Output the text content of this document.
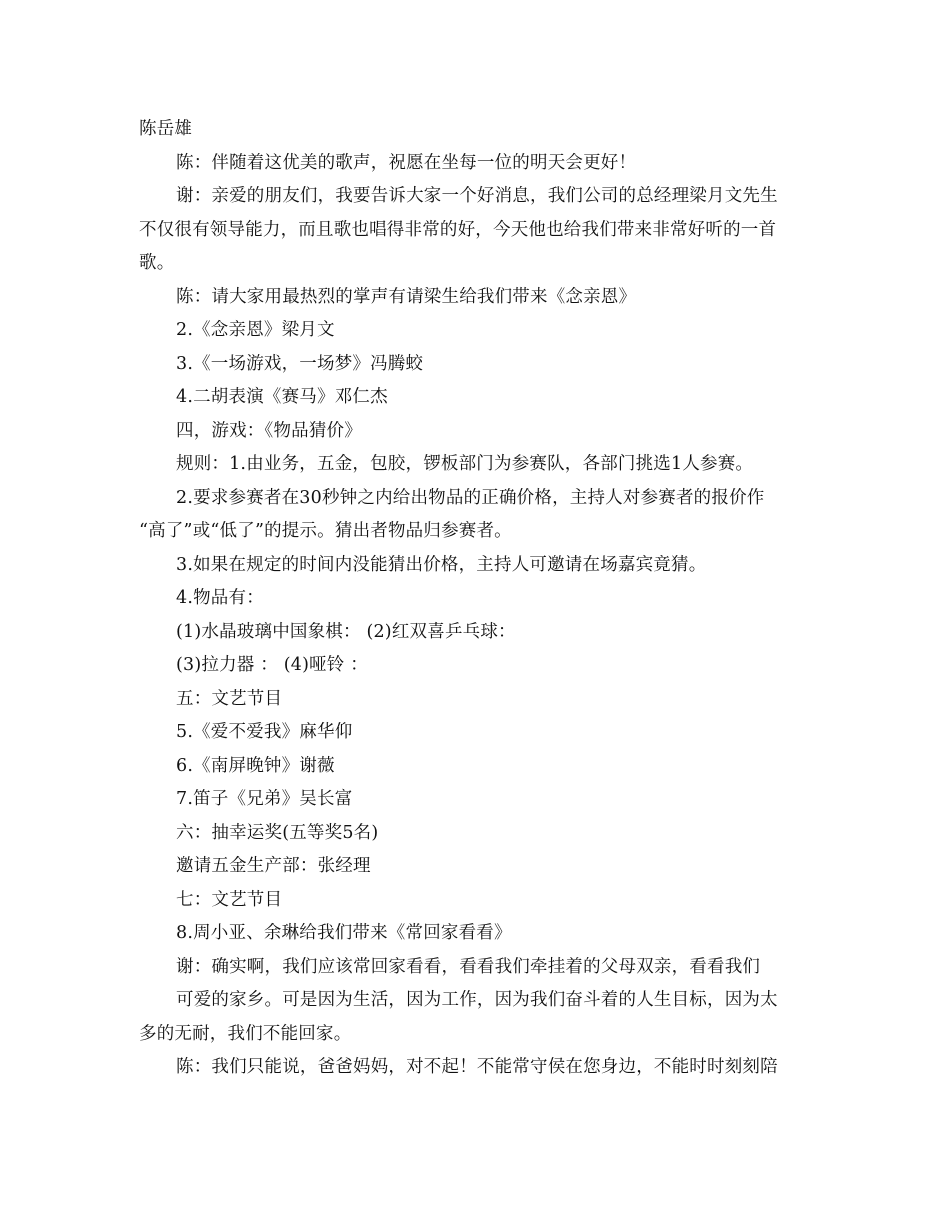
陈岳雄
陈：伴随着这优美的歌声，祝愿在坐每一位的明天会更好！
谢：亲爱的朋友们，我要告诉大家一个好消息，我们公司的总经理梁月文先生
不仅很有领导能力，而且歌也唱得非常的好，今天他也给我们带来非常好听的一首
歌。
陈：请大家用最热烈的掌声有请梁生给我们带来《念亲恩》
2.《念亲恩》梁月文
3.《一场游戏，一场梦》冯腾蛟
4.二胡表演《赛马》邓仁杰
四，游戏：《物品猜价》
规则：1.由业务，五金，包胶，锣板部门为参赛队，各部门挑选1人参赛。
2.要求参赛者在30秒钟之内给出物品的正确价格，主持人对参赛者的报价作
“高了”或“低了”的提示。猜出者物品归参赛者。
3.如果在规定的时间内没能猜出价格，主持人可邀请在场嘉宾竟猜。
4.物品有：
(1)水晶玻璃中国象棋： (2)红双喜乒乓球：
(3)拉力器 ： (4)哑铃 ：
五：文艺节目
5.《爱不爱我》麻华仰
6.《南屏晚钟》谢薇
7.笛子《兄弟》吴长富
六：抽幸运奖(五等奖5名)
邀请五金生产部：张经理
七：文艺节目
8.周小亚、余琳给我们带来《常回家看看》
谢：确实啊，我们应该常回家看看，看看我们牵挂着的父母双亲，看看我们
可爱的家乡。可是因为生活，因为工作，因为我们奋斗着的人生目标，因为太
多的无耐，我们不能回家。
陈：我们只能说，爸爸妈妈，对不起！不能常守侯在您身边，不能时时刻刻陪
